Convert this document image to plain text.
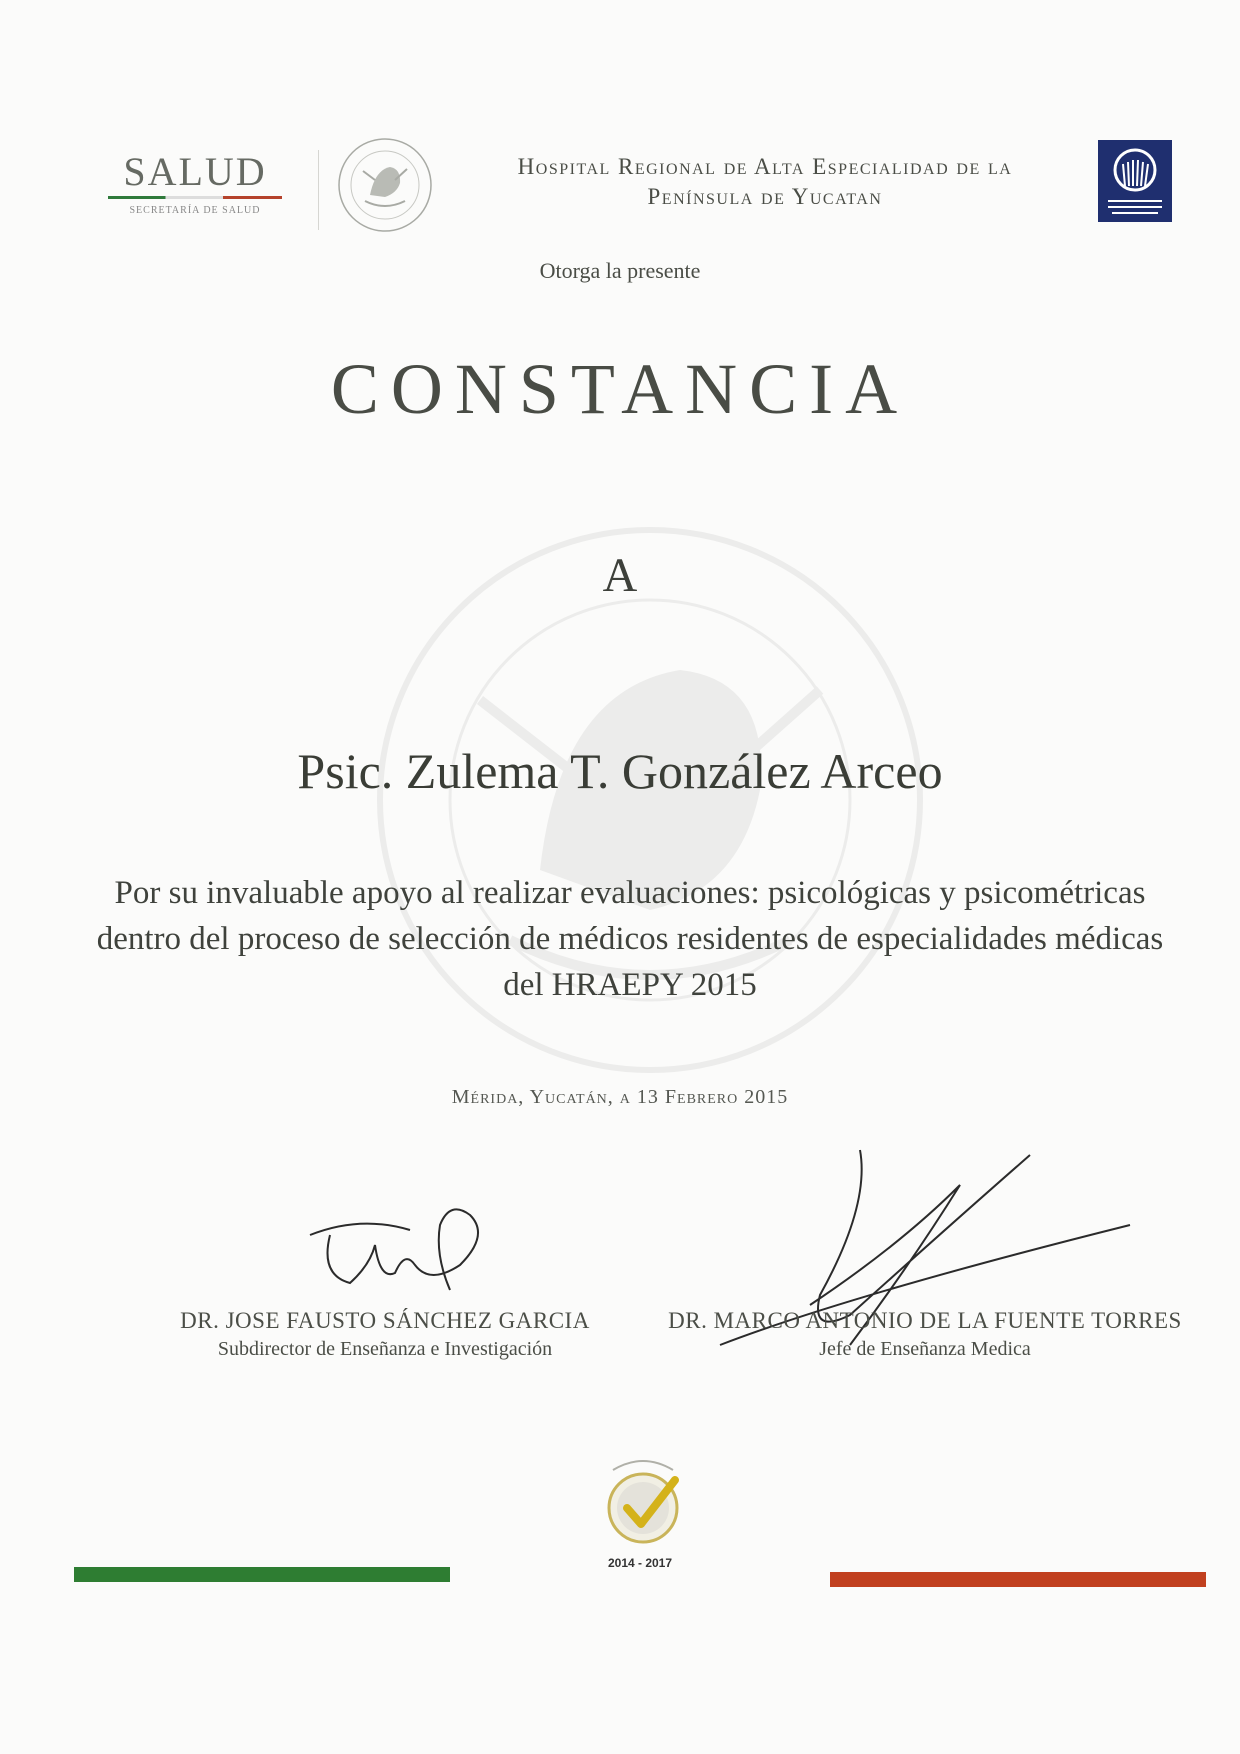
SALUD
SECRETARÍA DE SALUD
Hospital Regional de Alta Especialidad de la
Península de Yucatan
Otorga la presente
CONSTANCIA
A
Psic. Zulema T. González Arceo
Por su invaluable apoyo al realizar evaluaciones: psicológicas y psicométricas dentro del proceso de selección de médicos residentes de especialidades médicas del HRAEPY 2015
Mérida, Yucatán, a 13 Febrero 2015
DR. JOSE FAUSTO SÁNCHEZ GARCIA
Subdirector de Enseñanza e Investigación
DR. MARCO ANTONIO DE LA FUENTE TORRES
Jefe de Enseñanza Medica
2014 - 2017
